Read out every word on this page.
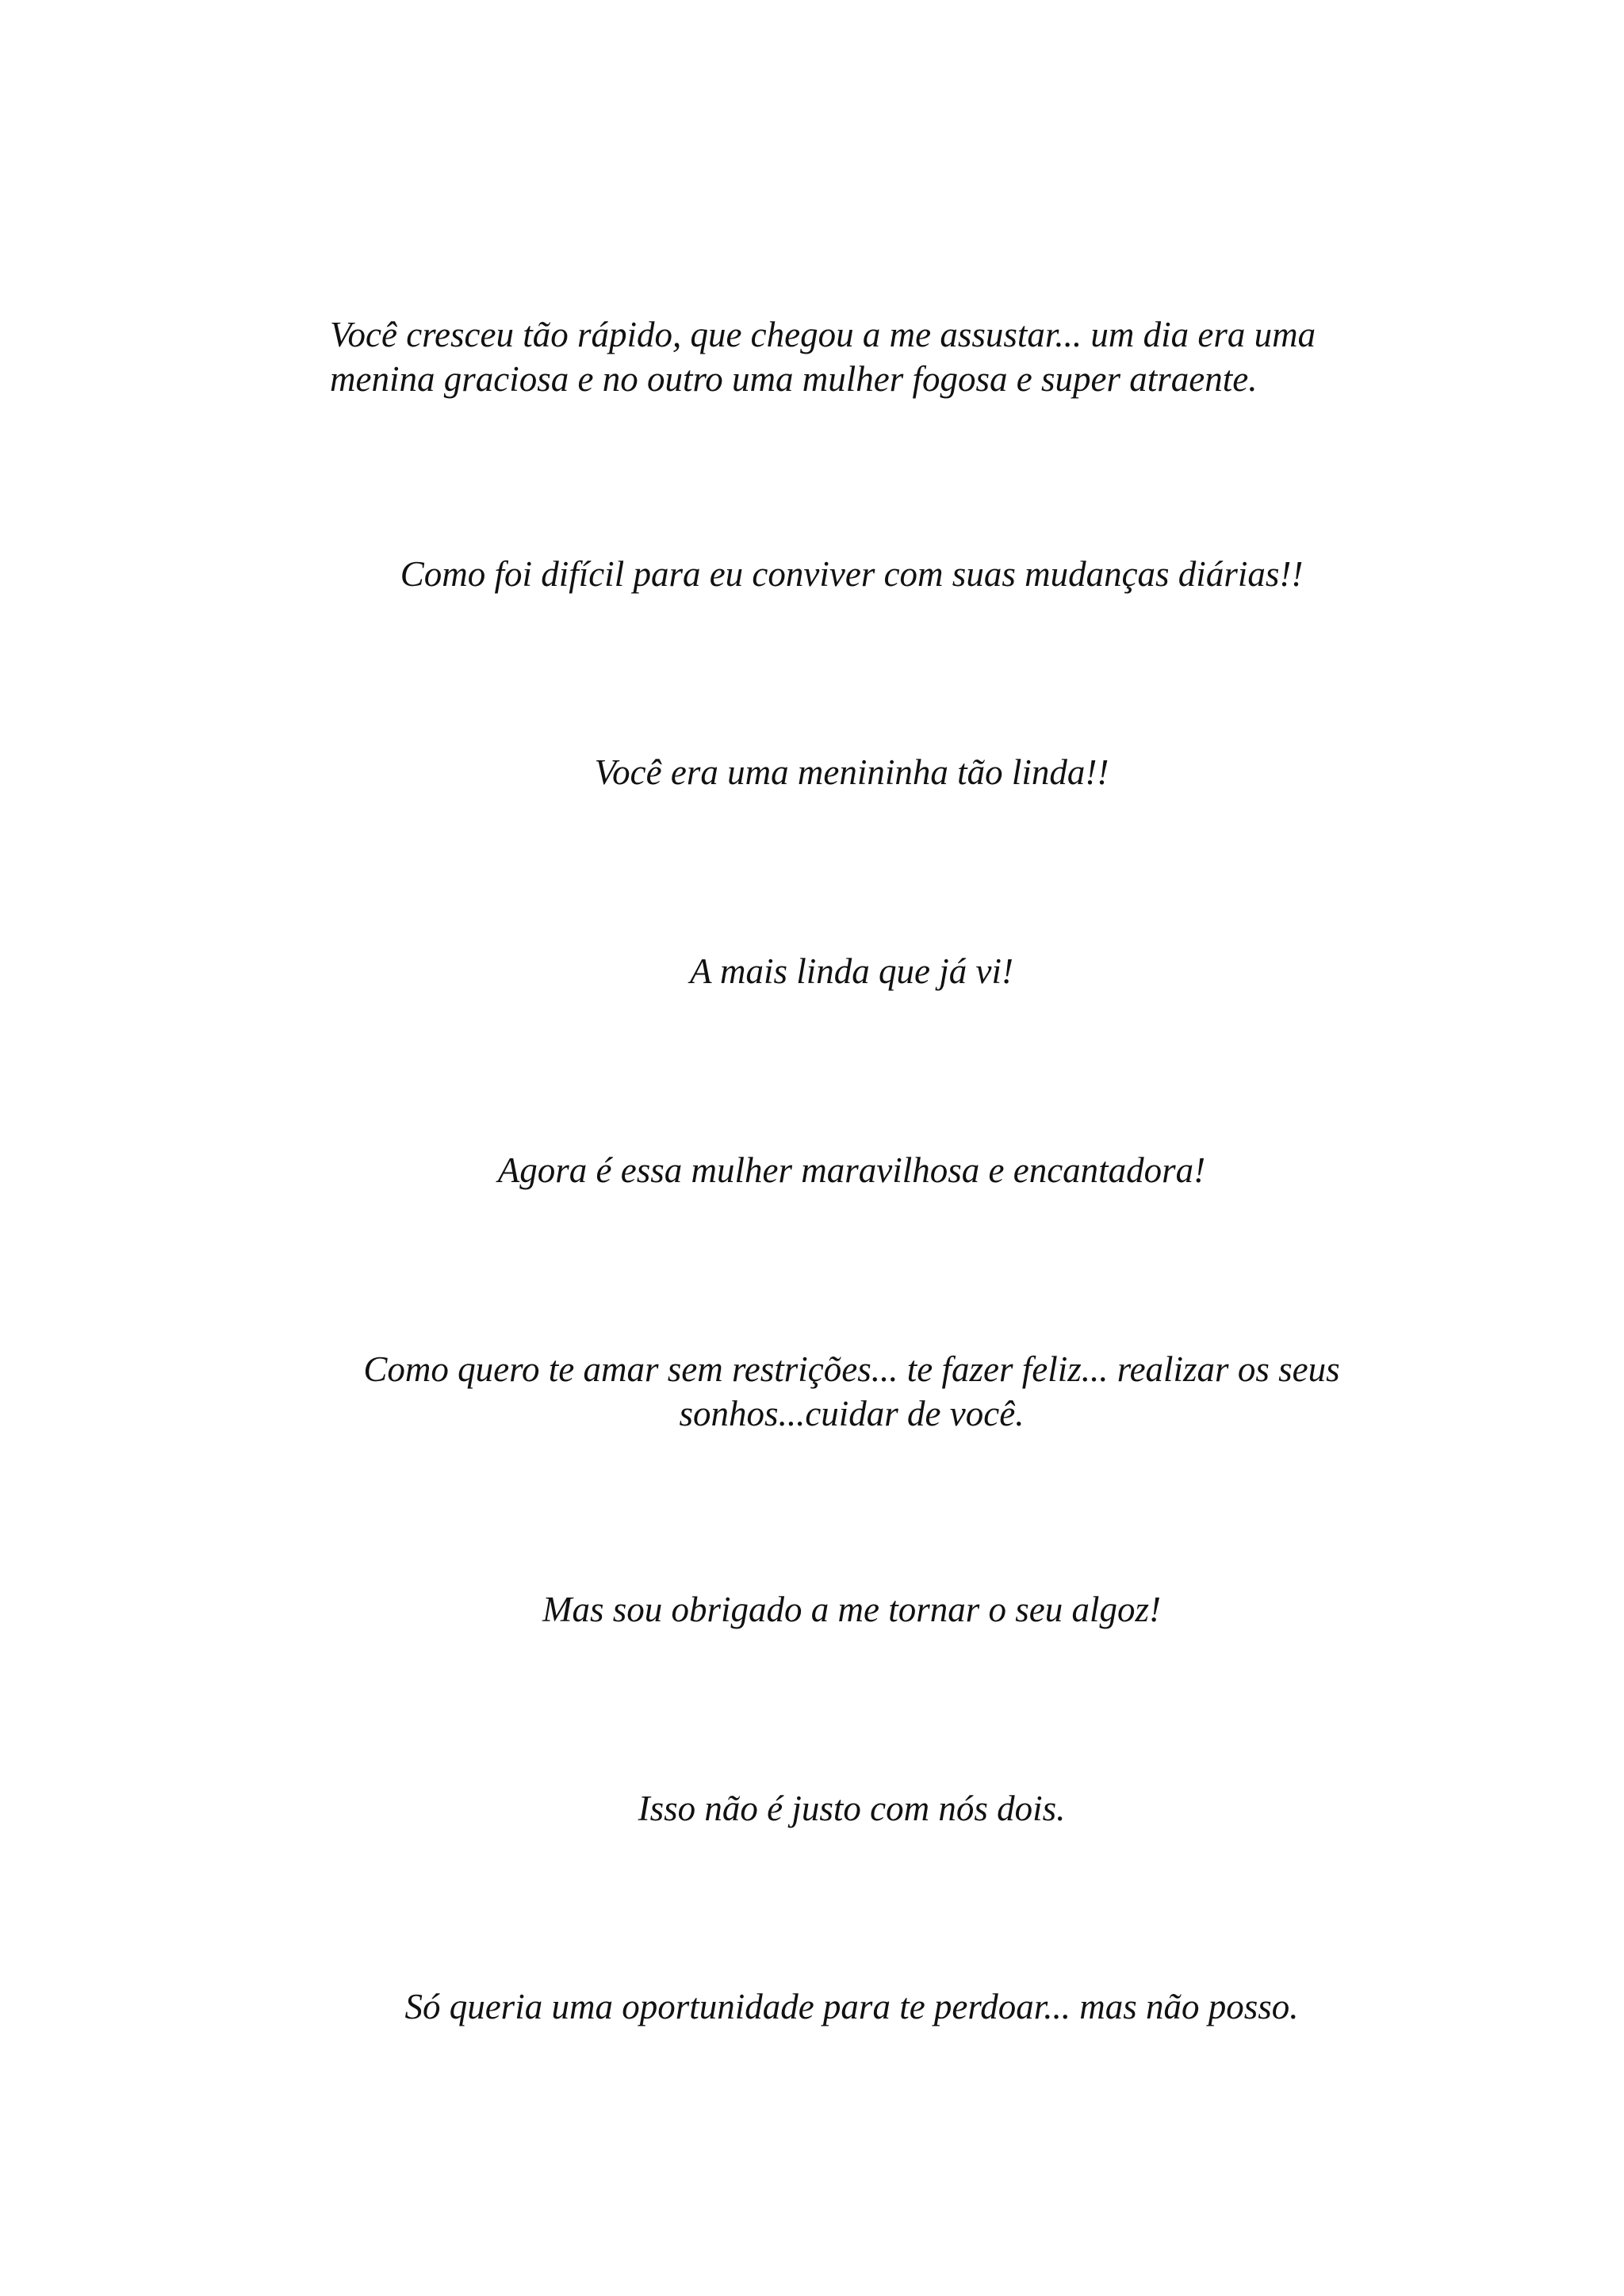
Você cresceu tão rápido, que chegou a me assustar... um dia era uma
menina graciosa e no outro uma mulher fogosa e super atraente.

Como foi difícil para eu conviver com suas mudanças diárias!!

Você era uma menininha tão linda!!

A mais linda que já vi!

Agora é essa mulher maravilhosa e encantadora!

Como quero te amar sem restrições... te fazer feliz... realizar os seus
sonhos...cuidar de você.

Mas sou obrigado a me tornar o seu algoz!

Isso não é justo com nós dois.

Só queria uma oportunidade para te perdoar... mas não posso.
